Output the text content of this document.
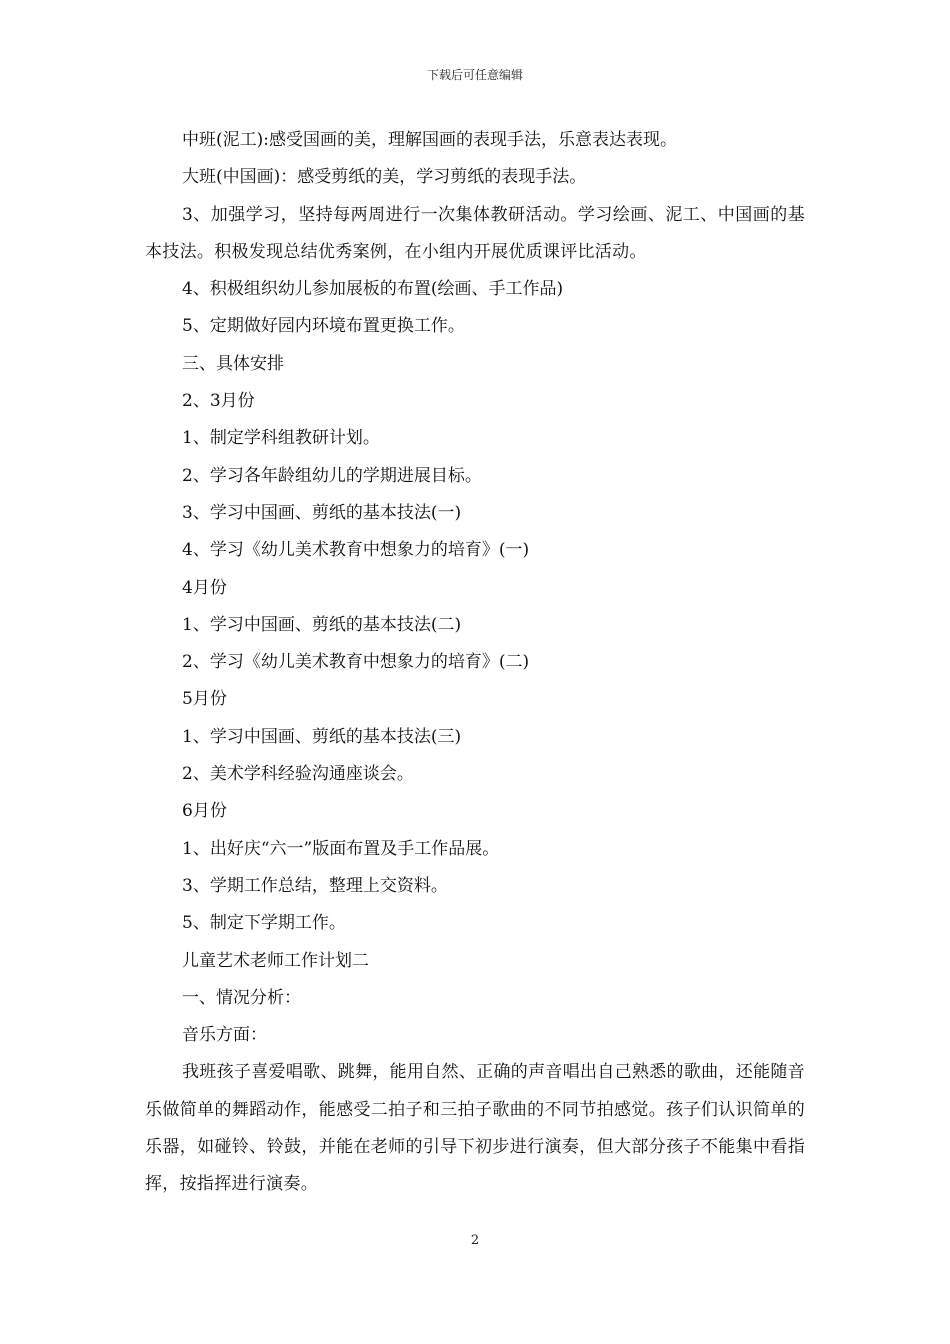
下载后可任意编辑
中班(泥工):感受国画的美，理解国画的表现手法，乐意表达表现。
大班(中国画)：感受剪纸的美，学习剪纸的表现手法。
3、加强学习，坚持每两周进行一次集体教研活动。学习绘画、泥工、中国画的基本技法。积极发现总结优秀案例，在小组内开展优质课评比活动。
4、积极组织幼儿参加展板的布置(绘画、手工作品)
5、定期做好园内环境布置更换工作。
三、具体安排
2、3月份
1、制定学科组教研计划。
2、学习各年龄组幼儿的学期进展目标。
3、学习中国画、剪纸的基本技法(一)
4、学习《幼儿美术教育中想象力的培育》(一)
4月份
1、学习中国画、剪纸的基本技法(二)
2、学习《幼儿美术教育中想象力的培育》(二)
5月份
1、学习中国画、剪纸的基本技法(三)
2、美术学科经验沟通座谈会。
6月份
1、出好庆“六一”版面布置及手工作品展。
3、学期工作总结，整理上交资料。
5、制定下学期工作。
儿童艺术老师工作计划二
一、情况分析：
音乐方面：
我班孩子喜爱唱歌、跳舞，能用自然、正确的声音唱出自己熟悉的歌曲，还能随音乐做简单的舞蹈动作，能感受二拍子和三拍子歌曲的不同节拍感觉。孩子们认识简单的乐器，如碰铃、铃鼓，并能在老师的引导下初步进行演奏，但大部分孩子不能集中看指挥，按指挥进行演奏。
2
